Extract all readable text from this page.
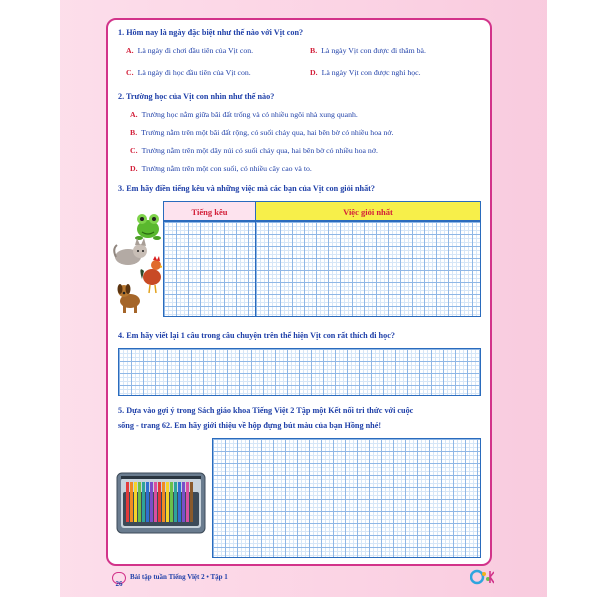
1. Hôm nay là ngày đặc biệt như thế nào với Vịt con?
A. Là ngày đi chơi đầu tiên của Vịt con.	B. Là ngày Vịt con được đi thăm bà.
C. Là ngày đi học đầu tiên của Vịt con.	D. Là ngày Vịt con được nghỉ học.
2. Trường học của Vịt con nhìn như thế nào?
A. Trường học nằm giữa bãi đất trống và có nhiều ngôi nhà xung quanh.
B. Trường nằm trên một bãi đất rộng, có suối chảy qua, hai bên bờ có nhiều hoa nở.
C. Trường nằm trên một dãy núi có suối chảy qua, hai bên bờ có nhiều hoa nở.
D. Trường nằm trên một con suối, có nhiều cây cao và to.
3. Em hãy điền tiếng kêu và những việc mà các bạn của Vịt con giỏi nhất?
Tiếng kêu	Việc giỏi nhất
4. Em hãy viết lại 1 câu trong câu chuyện trên thể hiện Vịt con rất thích đi học?
5. Dựa vào gợi ý trong Sách giáo khoa Tiếng Việt 2 Tập một Kết nối tri thức với cuộc
sống - trang 62. Em hãy giới thiệu về hộp đựng bút màu của bạn Hồng nhé!
26
Bài tập tuần Tiếng Việt 2 • Tập 1
